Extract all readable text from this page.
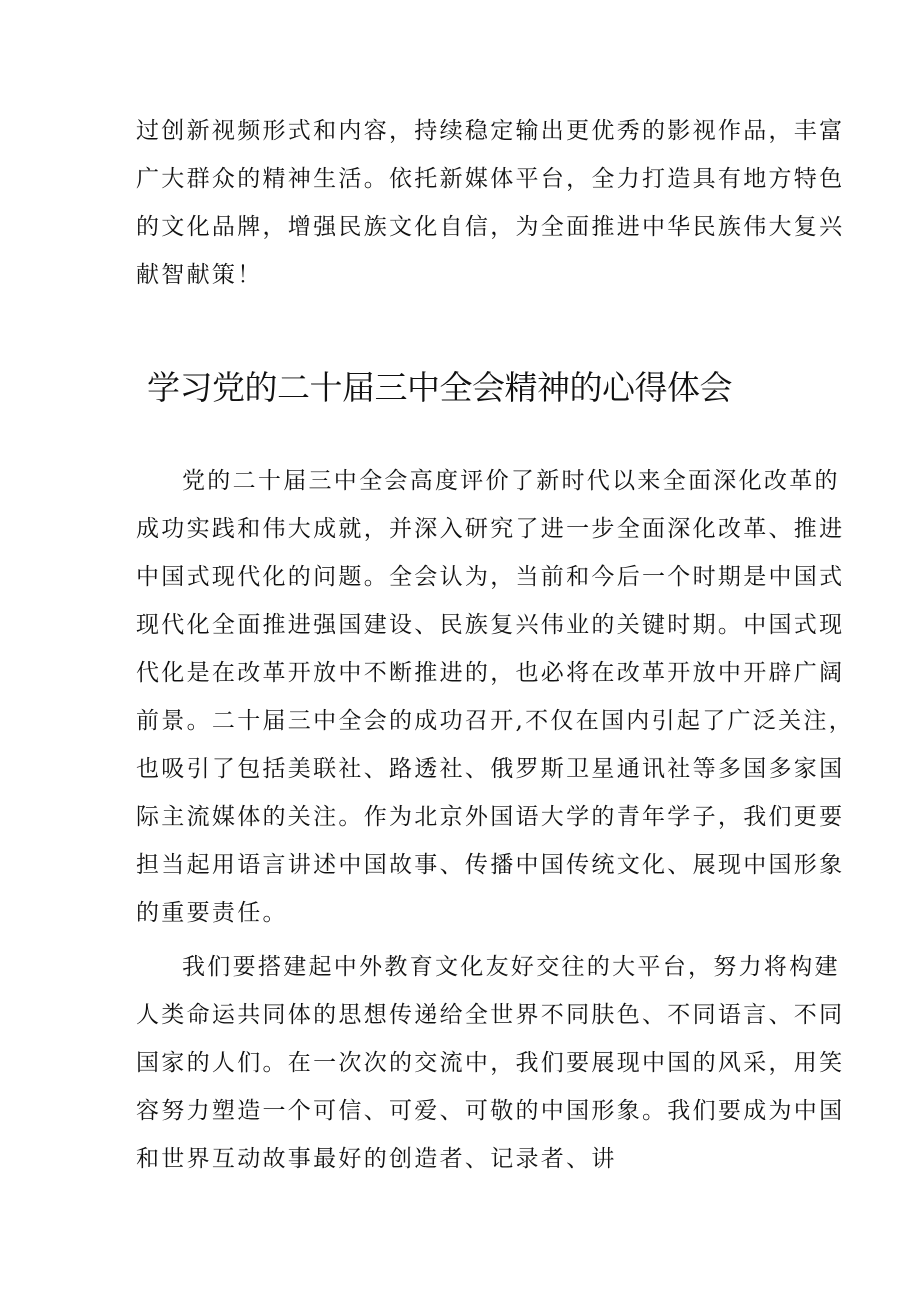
过创新视频形式和内容，持续稳定输出更优秀的影视作品，丰富
广大群众的精神生活。依托新媒体平台，全力打造具有地方特色
的文化品牌，增强民族文化自信，为全面推进中华民族伟大复兴
献智献策！
学习党的二十届三中全会精神的心得体会
党的二十届三中全会高度评价了新时代以来全面深化改革的
成功实践和伟大成就，并深入研究了进一步全面深化改革、推进
中国式现代化的问题。全会认为，当前和今后一个时期是中国式
现代化全面推进强国建设、民族复兴伟业的关键时期。中国式现
代化是在改革开放中不断推进的，也必将在改革开放中开辟广阔
前景。二十届三中全会的成功召开,不仅在国内引起了广泛关注，
也吸引了包括美联社、路透社、俄罗斯卫星通讯社等多国多家国
际主流媒体的关注。作为北京外国语大学的青年学子，我们更要
担当起用语言讲述中国故事、传播中国传统文化、展现中国形象
的重要责任。
我们要搭建起中外教育文化友好交往的大平台，努力将构建
人类命运共同体的思想传递给全世界不同肤色、不同语言、不同
国家的人们。在一次次的交流中，我们要展现中国的风采，用笑
容努力塑造一个可信、可爱、可敬的中国形象。我们要成为中国
和世界互动故事最好的创造者、记录者、讲
